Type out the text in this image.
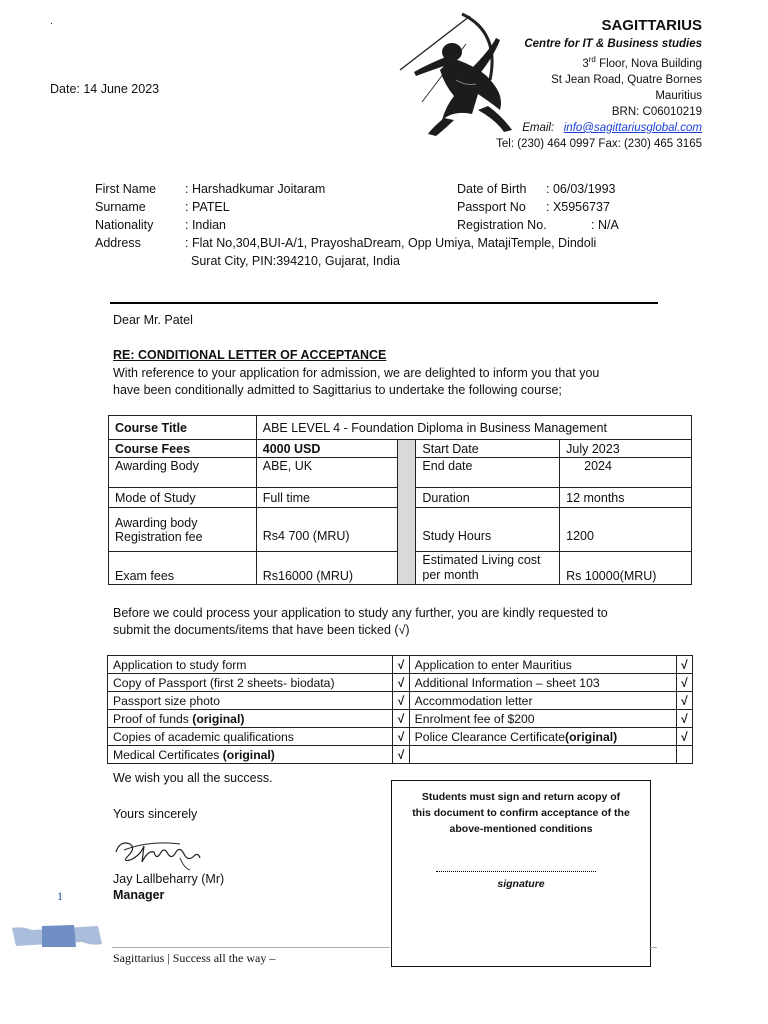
.
Date: 14 June 2023
SAGITTARIUS
Centre for IT & Business studies
3rd Floor, Nova Building
St Jean Road, Quatre Bornes
Mauritius
BRN: C06010219
Email: info@sagittariusglobal.com
Tel: (230) 464 0997 Fax: (230) 465 3165
First Name : Harshadkumar Joitaram
Surname	: PATEL
Nationality	: Indian
Address	: Flat No,304,BUI-A/1, PrayoshaDream, Opp Umiya, MatajiTemple, Dindoli
Surat City, PIN:394210, Gujarat, India
Date of Birth : 06/03/1993
Passport No : X5956737
Registration No.	: N/A
Dear Mr. Patel
RE: CONDITIONAL LETTER OF ACCEPTANCE
With reference to your application for admission, we are delighted to inform you that you
have been conditionally admitted to Sagittarius to undertake the following course;
Course Title	ABE LEVEL 4 - Foundation Diploma in Business Management			
Course Fees	4000 USD		Start Date	July 2023
Awarding Body	ABE, UK		End date	2024
Mode of Study	Full time		Duration	12 months

Awarding body
Registration fee	Rs4 700 (MRU)		Study Hours	1200
Exam fees	Rs16000 (MRU)		Estimated Living cost
per month	Rs 10000(MRU)
Before we could process your application to study any further, you are kindly requested to
submit the documents/items that have been ticked (√)
Application to study form	√	Application to enter Mauritius	√
Copy of Passport (first 2 sheets- biodata)	√	Additional Information – sheet 103	√
Passport size photo	√	Accommodation letter	√
Proof of funds (original)	√	Enrolment fee of $200	√
Copies of academic qualifications	√	Police Clearance Certificate(original)	√
Medical Certificates (original)	√		
We wish you all the success.
Yours sincerely
Jay Lallbeharry (Mr)
Manager
Students must sign and return acopy of
this document to confirm acceptance of the
above-mentioned conditions
signature
1
Sagittarius | Success all the way –
